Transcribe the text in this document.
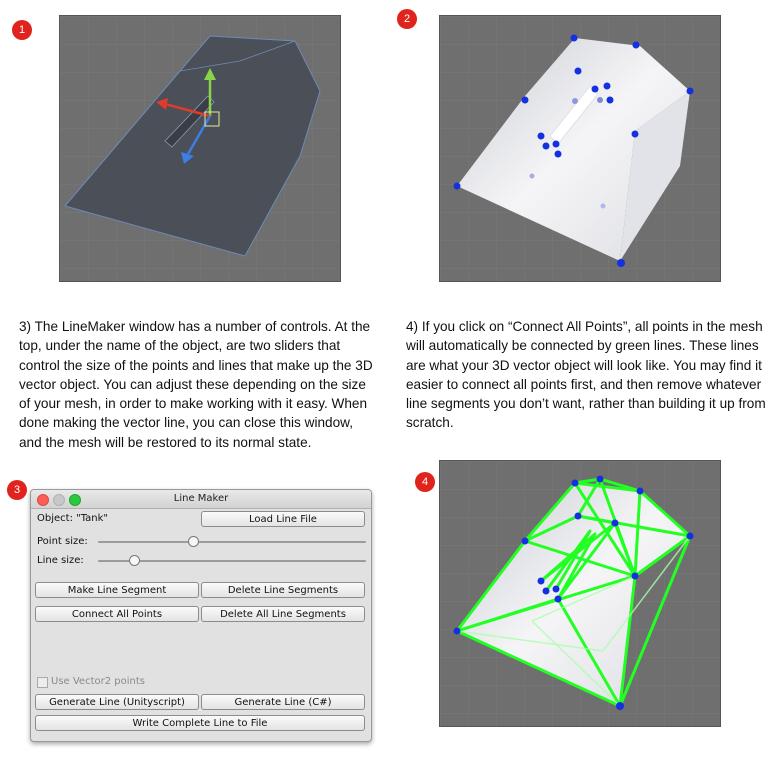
1
2

3) The LineMaker window has a number of controls. At the top, under the name of the object, are two sliders that control the size of the points and lines that make up the 3D vector object. You can adjust these depending on the size of your mesh, in order to make working with it easy. When done making the vector line, you can close this window, and the mesh will be restored to its normal state.

4) If you click on “Connect All Points”, all points in the mesh will automatically be connected by green lines. These lines are what your 3D vector object will look like. You may find it easier to connect all points first, and then remove whatever line segments you don’t want, rather than building it up from scratch.

3
Line Maker
Object: "Tank"	Load Line File
Point size:
Line size:
Make Line Segment	Delete Line Segments
Connect All Points	Delete All Line Segments
Use Vector2 points
Generate Line (Unityscript)	Generate Line (C#)
Write Complete Line to File
4
